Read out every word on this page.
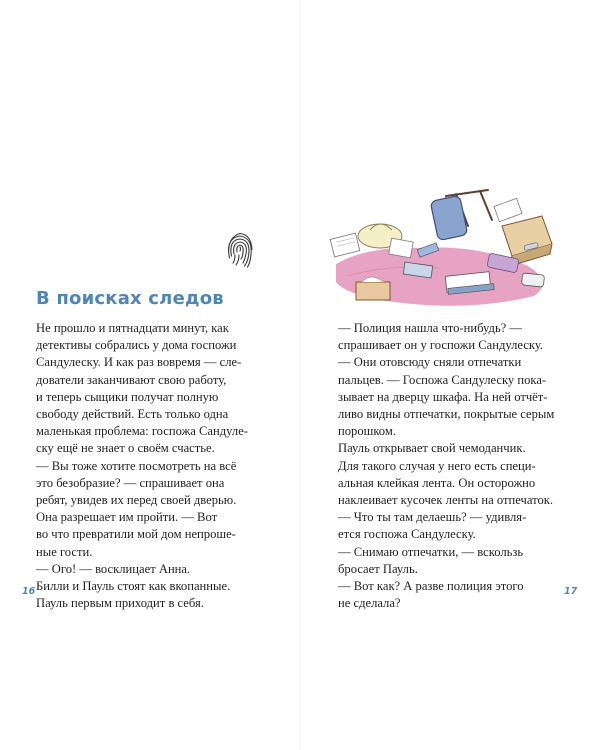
В поисках следов
Не прошло и пятнадцати минут, как
детективы собрались у дома госпожи
Сандулеску. И как раз вовремя — сле-
дователи заканчивают свою работу,
и теперь сыщики получат полную
свободу действий. Есть только одна
маленькая проблема: госпожа Сандуле-
ску ещё не знает о своём счастье.
— Вы тоже хотите посмотреть на всё
это безобразие? — спрашивает она
ребят, увидев их перед своей дверью.
Она разрешает им пройти. — Вот
во что превратили мой дом непроше-
ные гости.
— Ого! — восклицает Анна.
Билли и Пауль стоят как вкопанные.
Пауль первым приходит в себя.
16
— Полиция нашла что-нибудь? —
спрашивает он у госпожи Сандулеску.
— Они отовсюду сняли отпечатки
пальцев. — Госпожа Сандулеску пока-
зывает на дверцу шкафа. На ней отчёт-
ливо видны отпечатки, покрытые серым
порошком.
Пауль открывает свой чемоданчик.
Для такого случая у него есть специ-
альная клейкая лента. Он осторожно
наклеивает кусочек ленты на отпечаток.
— Что ты там делаешь? — удивля-
ется госпожа Сандулеску.
— Снимаю отпечатки, — вскользь
бросает Пауль.
— Вот как? А разве полиция этого
не сделала?
17
